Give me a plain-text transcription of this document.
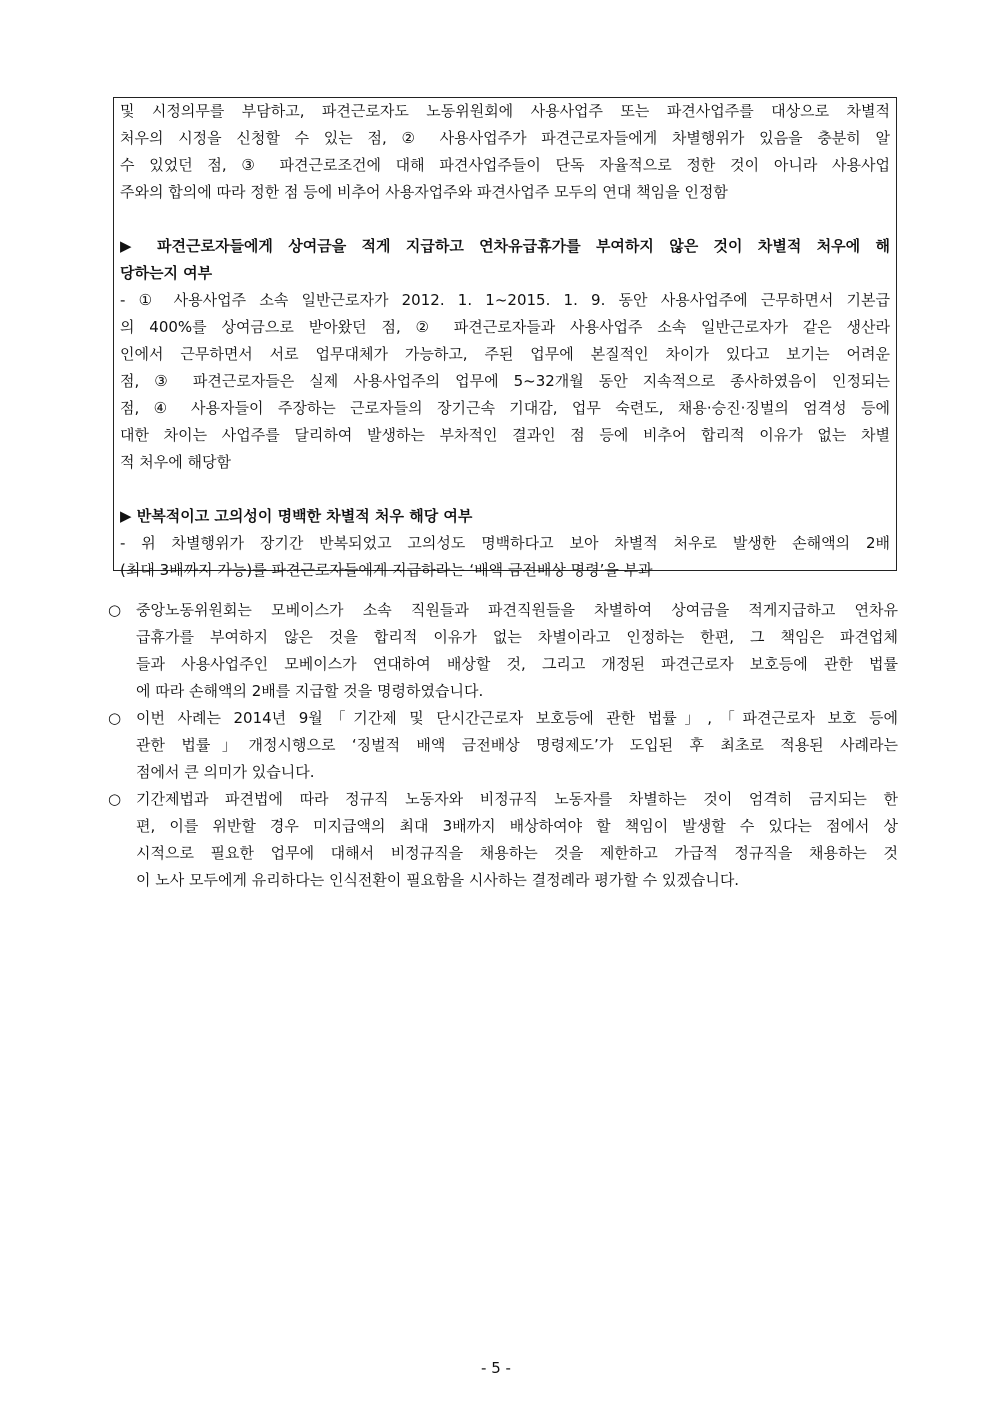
및 시정의무를 부담하고, 파견근로자도 노동위원회에 사용사업주 또는 파견사업주를 대상으로 차별적
처우의 시정을 신청할 수 있는 점, ② 사용사업주가 파견근로자들에게 차별행위가 있음을 충분히 알
수 있었던 점, ③ 파견근로조건에 대해 파견사업주들이 단독 자율적으로 정한 것이 아니라 사용사업
주와의 합의에 따라 정한 점 등에 비추어 사용자업주와 파견사업주 모두의 연대 책임을 인정함
▶ 파견근로자들에게 상여금을 적게 지급하고 연차유급휴가를 부여하지 않은 것이 차별적 처우에 해
당하는지 여부
- ① 사용사업주 소속 일반근로자가 2012. 1. 1~2015. 1. 9. 동안 사용사업주에 근무하면서 기본급
의 400%를 상여금으로 받아왔던 점, ② 파견근로자들과 사용사업주 소속 일반근로자가 같은 생산라
인에서 근무하면서 서로 업무대체가 가능하고, 주된 업무에 본질적인 차이가 있다고 보기는 어려운
점, ③ 파견근로자들은 실제 사용사업주의 업무에 5~32개월 동안 지속적으로 종사하였음이 인정되는
점, ④ 사용자들이 주장하는 근로자들의 장기근속 기대감, 업무 숙련도, 채용·승진·징벌의 엄격성 등에
대한 차이는 사업주를 달리하여 발생하는 부차적인 결과인 점 등에 비추어 합리적 이유가 없는 차별
적 처우에 해당함
▶ 반복적이고 고의성이 명백한 차별적 처우 해당 여부
- 위 차별행위가 장기간 반복되었고 고의성도 명백하다고 보아 차별적 처우로 발생한 손해액의 2배
(최대 3배까지 가능)를 파견근로자들에게 지급하라는 ‘배액 금전배상 명령’을 부과
○ 중앙노동위원회는 모베이스가 소속 직원들과 파견직원들을 차별하여 상여금을 적게지급하고 연차유
급휴가를 부여하지 않은 것을 합리적 이유가 없는 차별이라고 인정하는 한편, 그 책임은 파견업체
들과 사용사업주인 모베이스가 연대하여 배상할 것, 그리고 개정된 파견근로자 보호등에 관한 법률
에 따라 손해액의 2배를 지급할 것을 명령하였습니다.
○ 이번 사례는 2014년 9월「기간제 및 단시간근로자 보호등에 관한 법률」,「파견근로자 보호 등에
관한 법률」개정시행으로 ‘징벌적 배액 금전배상 명령제도’가 도입된 후 최초로 적용된 사례라는
점에서 큰 의미가 있습니다.
○ 기간제법과 파견법에 따라 정규직 노동자와 비정규직 노동자를 차별하는 것이 엄격히 금지되는 한
편, 이를 위반할 경우 미지급액의 최대 3배까지 배상하여야 할 책임이 발생할 수 있다는 점에서 상
시적으로 필요한 업무에 대해서 비정규직을 채용하는 것을 제한하고 가급적 정규직을 채용하는 것
이 노사 모두에게 유리하다는 인식전환이 필요함을 시사하는 결정례라 평가할 수 있겠습니다.
- 5 -
